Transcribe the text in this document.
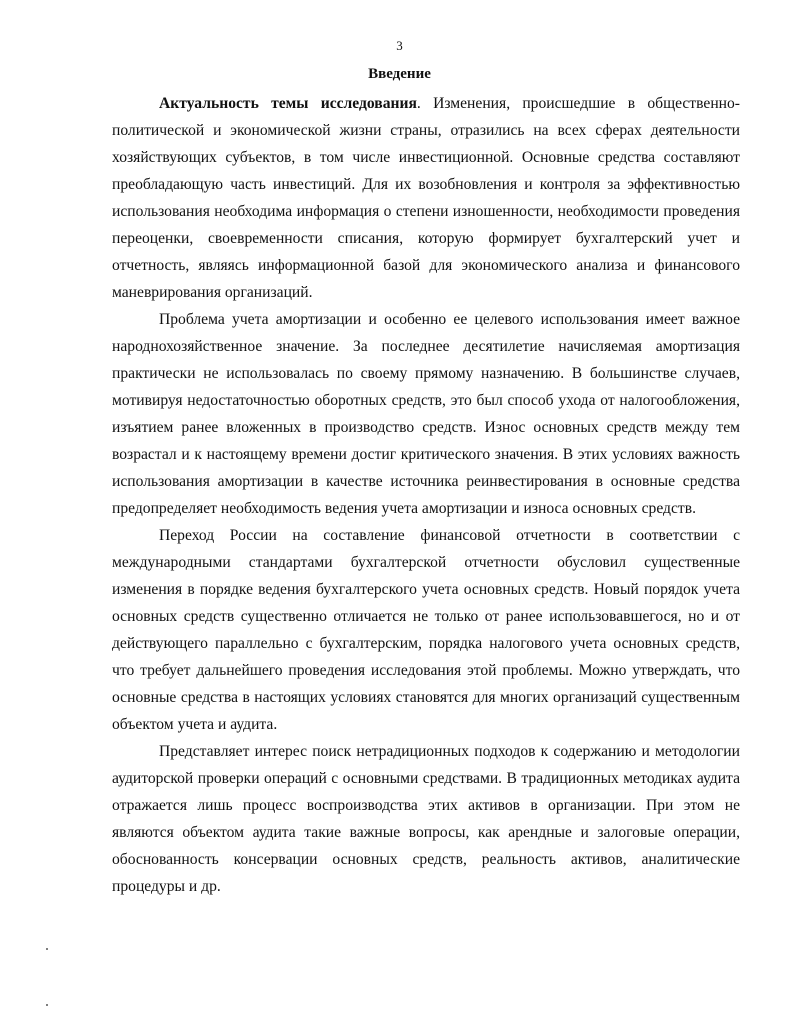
3
Введение

Актуальность темы исследования. Изменения, происшедшие в общественно-политической и экономической жизни страны, отразились на всех сферах деятельности хозяйствующих субъектов, в том числе инвестиционной. Основные средства составляют преобладающую часть инвестиций. Для их возобновления и контроля за эффективностью использования необходима информация о степени изношенности, необходимости проведения переоценки, своевременности списания, которую формирует бухгалтерский учет и отчетность, являясь информационной базой для экономического анализа и финансового маневрирования организаций.

Проблема учета амортизации и особенно ее целевого использования имеет важное народнохозяйственное значение. За последнее десятилетие начисляемая амортизация практически не использовалась по своему прямому назначению. В большинстве случаев, мотивируя недостаточностью оборотных средств, это был способ ухода от налогообложения, изъятием ранее вложенных в производство средств. Износ основных средств между тем возрастал и к настоящему времени достиг критического значения. В этих условиях важность использования амортизации в качестве источника реинвестирования в основные средства предопределяет необходимость ведения учета амортизации и износа основных средств.

Переход России на составление финансовой отчетности в соответствии с международными стандартами бухгалтерской отчетности обусловил существенные изменения в порядке ведения бухгалтерского учета основных средств. Новый порядок учета основных средств существенно отличается не только от ранее использовавшегося, но и от действующего параллельно с бухгалтерским, порядка налогового учета основных средств, что требует дальнейшего проведения исследования этой проблемы. Можно утверждать, что основные средства в настоящих условиях становятся для многих организаций существенным объектом учета и аудита.

Представляет интерес поиск нетрадиционных подходов к содержанию и методологии аудиторской проверки операций с основными средствами. В традиционных методиках аудита отражается лишь процесс воспроизводства этих активов в организации. При этом не являются объектом аудита такие важные вопросы, как арендные и залоговые операции, обоснованность консервации основных средств, реальность активов, аналитические процедуры и др.
